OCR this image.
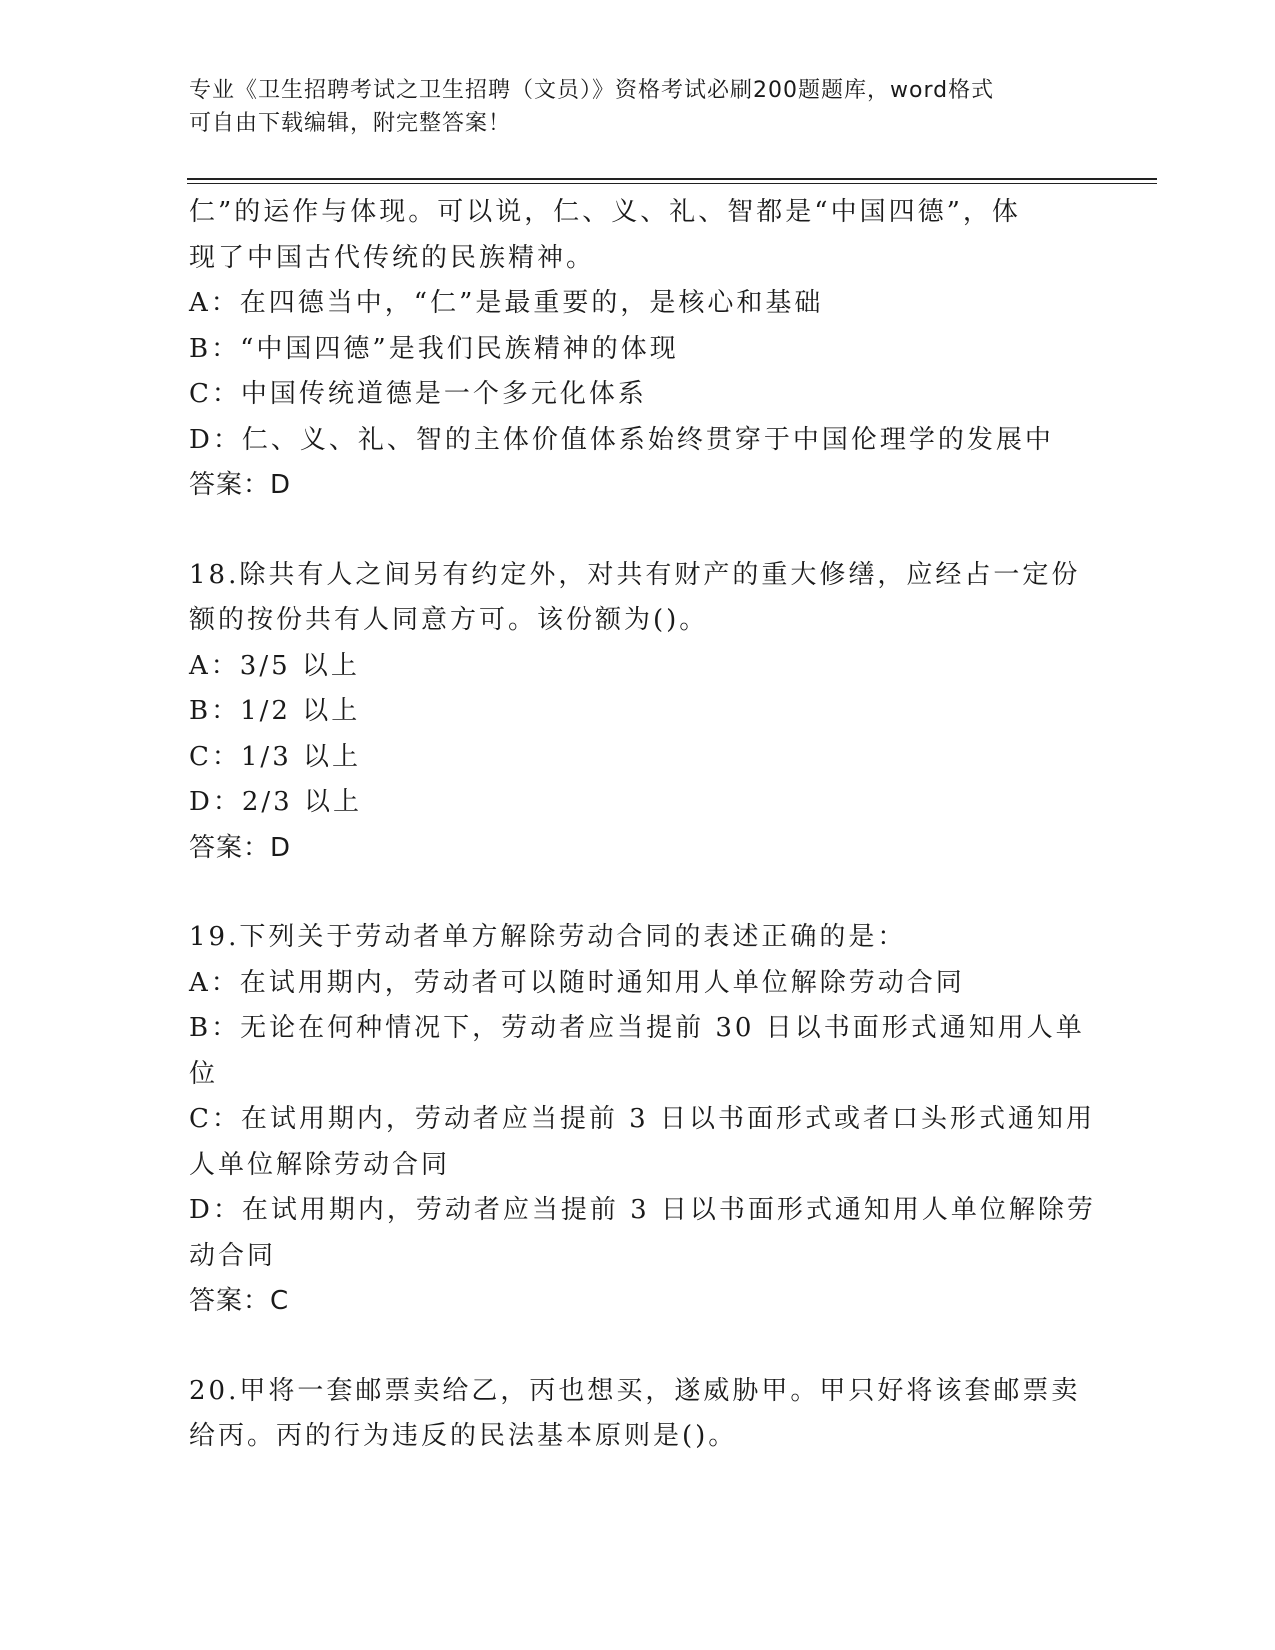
专业《卫生招聘考试之卫生招聘（文员）》资格考试必刷200题题库，word格式
可自由下载编辑，附完整答案！
仁”的运作与体现。可以说，仁、义、礼、智都是“中国四德”，体
现了中国古代传统的民族精神。
A：在四德当中，“仁”是最重要的，是核心和基础
B：“中国四德”是我们民族精神的体现
C：中国传统道德是一个多元化体系
D：仁、义、礼、智的主体价值体系始终贯穿于中国伦理学的发展中
答案：D
18.除共有人之间另有约定外，对共有财产的重大修缮，应经占一定份
额的按份共有人同意方可。该份额为()。
A：3/5 以上
B：1/2 以上
C：1/3 以上
D：2/3 以上
答案：D
19.下列关于劳动者单方解除劳动合同的表述正确的是：
A：在试用期内，劳动者可以随时通知用人单位解除劳动合同
B：无论在何种情况下，劳动者应当提前 30 日以书面形式通知用人单
位
C：在试用期内，劳动者应当提前 3 日以书面形式或者口头形式通知用
人单位解除劳动合同
D：在试用期内，劳动者应当提前 3 日以书面形式通知用人单位解除劳
动合同
答案：C
20.甲将一套邮票卖给乙，丙也想买，遂威胁甲。甲只好将该套邮票卖
给丙。丙的行为违反的民法基本原则是()。
